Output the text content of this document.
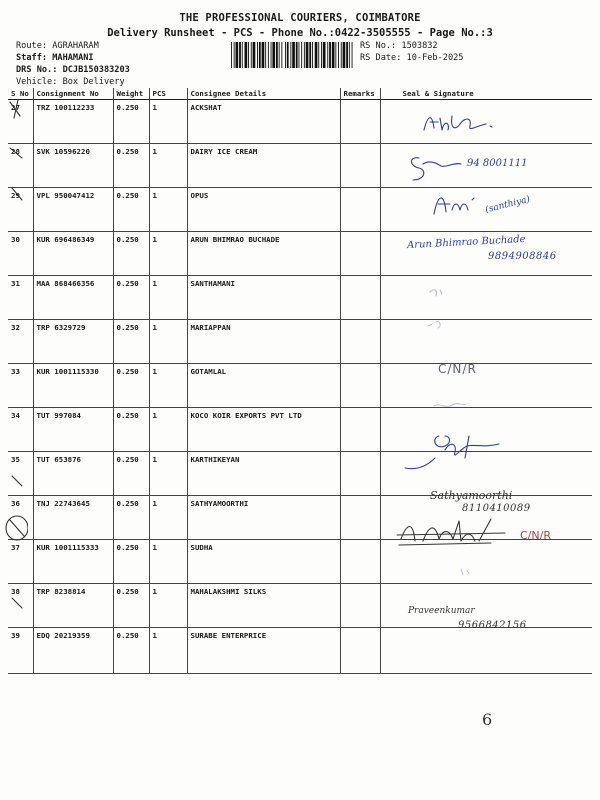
THE PROFESSIONAL COURIERS, COIMBATORE
Delivery Runsheet - PCS - Phone No.:0422-3505555 - Page No.:3
Route: AGRAHARAM
Staff: MAHAMANI
DRS No.: DCJB150383203
Vehicle: Box Delivery
RS No.: 1503832
RS Date: 10-Feb-2025
S No	Consignment No	Weight	PCS	Consignee Details	Remarks	Seal & Signature
27	TRZ 100112233	0.250	1	ACKSHAT		
28	SVK 10596220	0.250	1	DAIRY ICE CREAM		
29	VPL 950047412	0.250	1	OPUS		
30	KUR 696486349	0.250	1	ARUN BHIMRAO BUCHADE		
31	MAA 868466356	0.250	1	SANTHAMANI		
32	TRP 6329729	0.250	1	MARIAPPAN		
33	KUR 1001115330	0.250	1	GOTAMLAL		
34	TUT 997084	0.250	1	KOCO KOIR EXPORTS PVT LTD		
35	TUT 653876	0.250	1	KARTHIKEYAN		
36	TNJ 22743645	0.250	1	SATHYAMOORTHI		
37	KUR 1001115333	0.250	1	SUDHA		
38	TRP 8238814	0.250	1	MAHALAKSHMI SILKS		
39	EDQ 20219359	0.250	1	SURABE ENTERPRICE		
94 8001111
(santhiya)
Arun Bhimrao Buchade
9894908846
C/N/R
Sathyamoorthi
8110410089
C/N/R
Praveenkumar
9566842156
6
